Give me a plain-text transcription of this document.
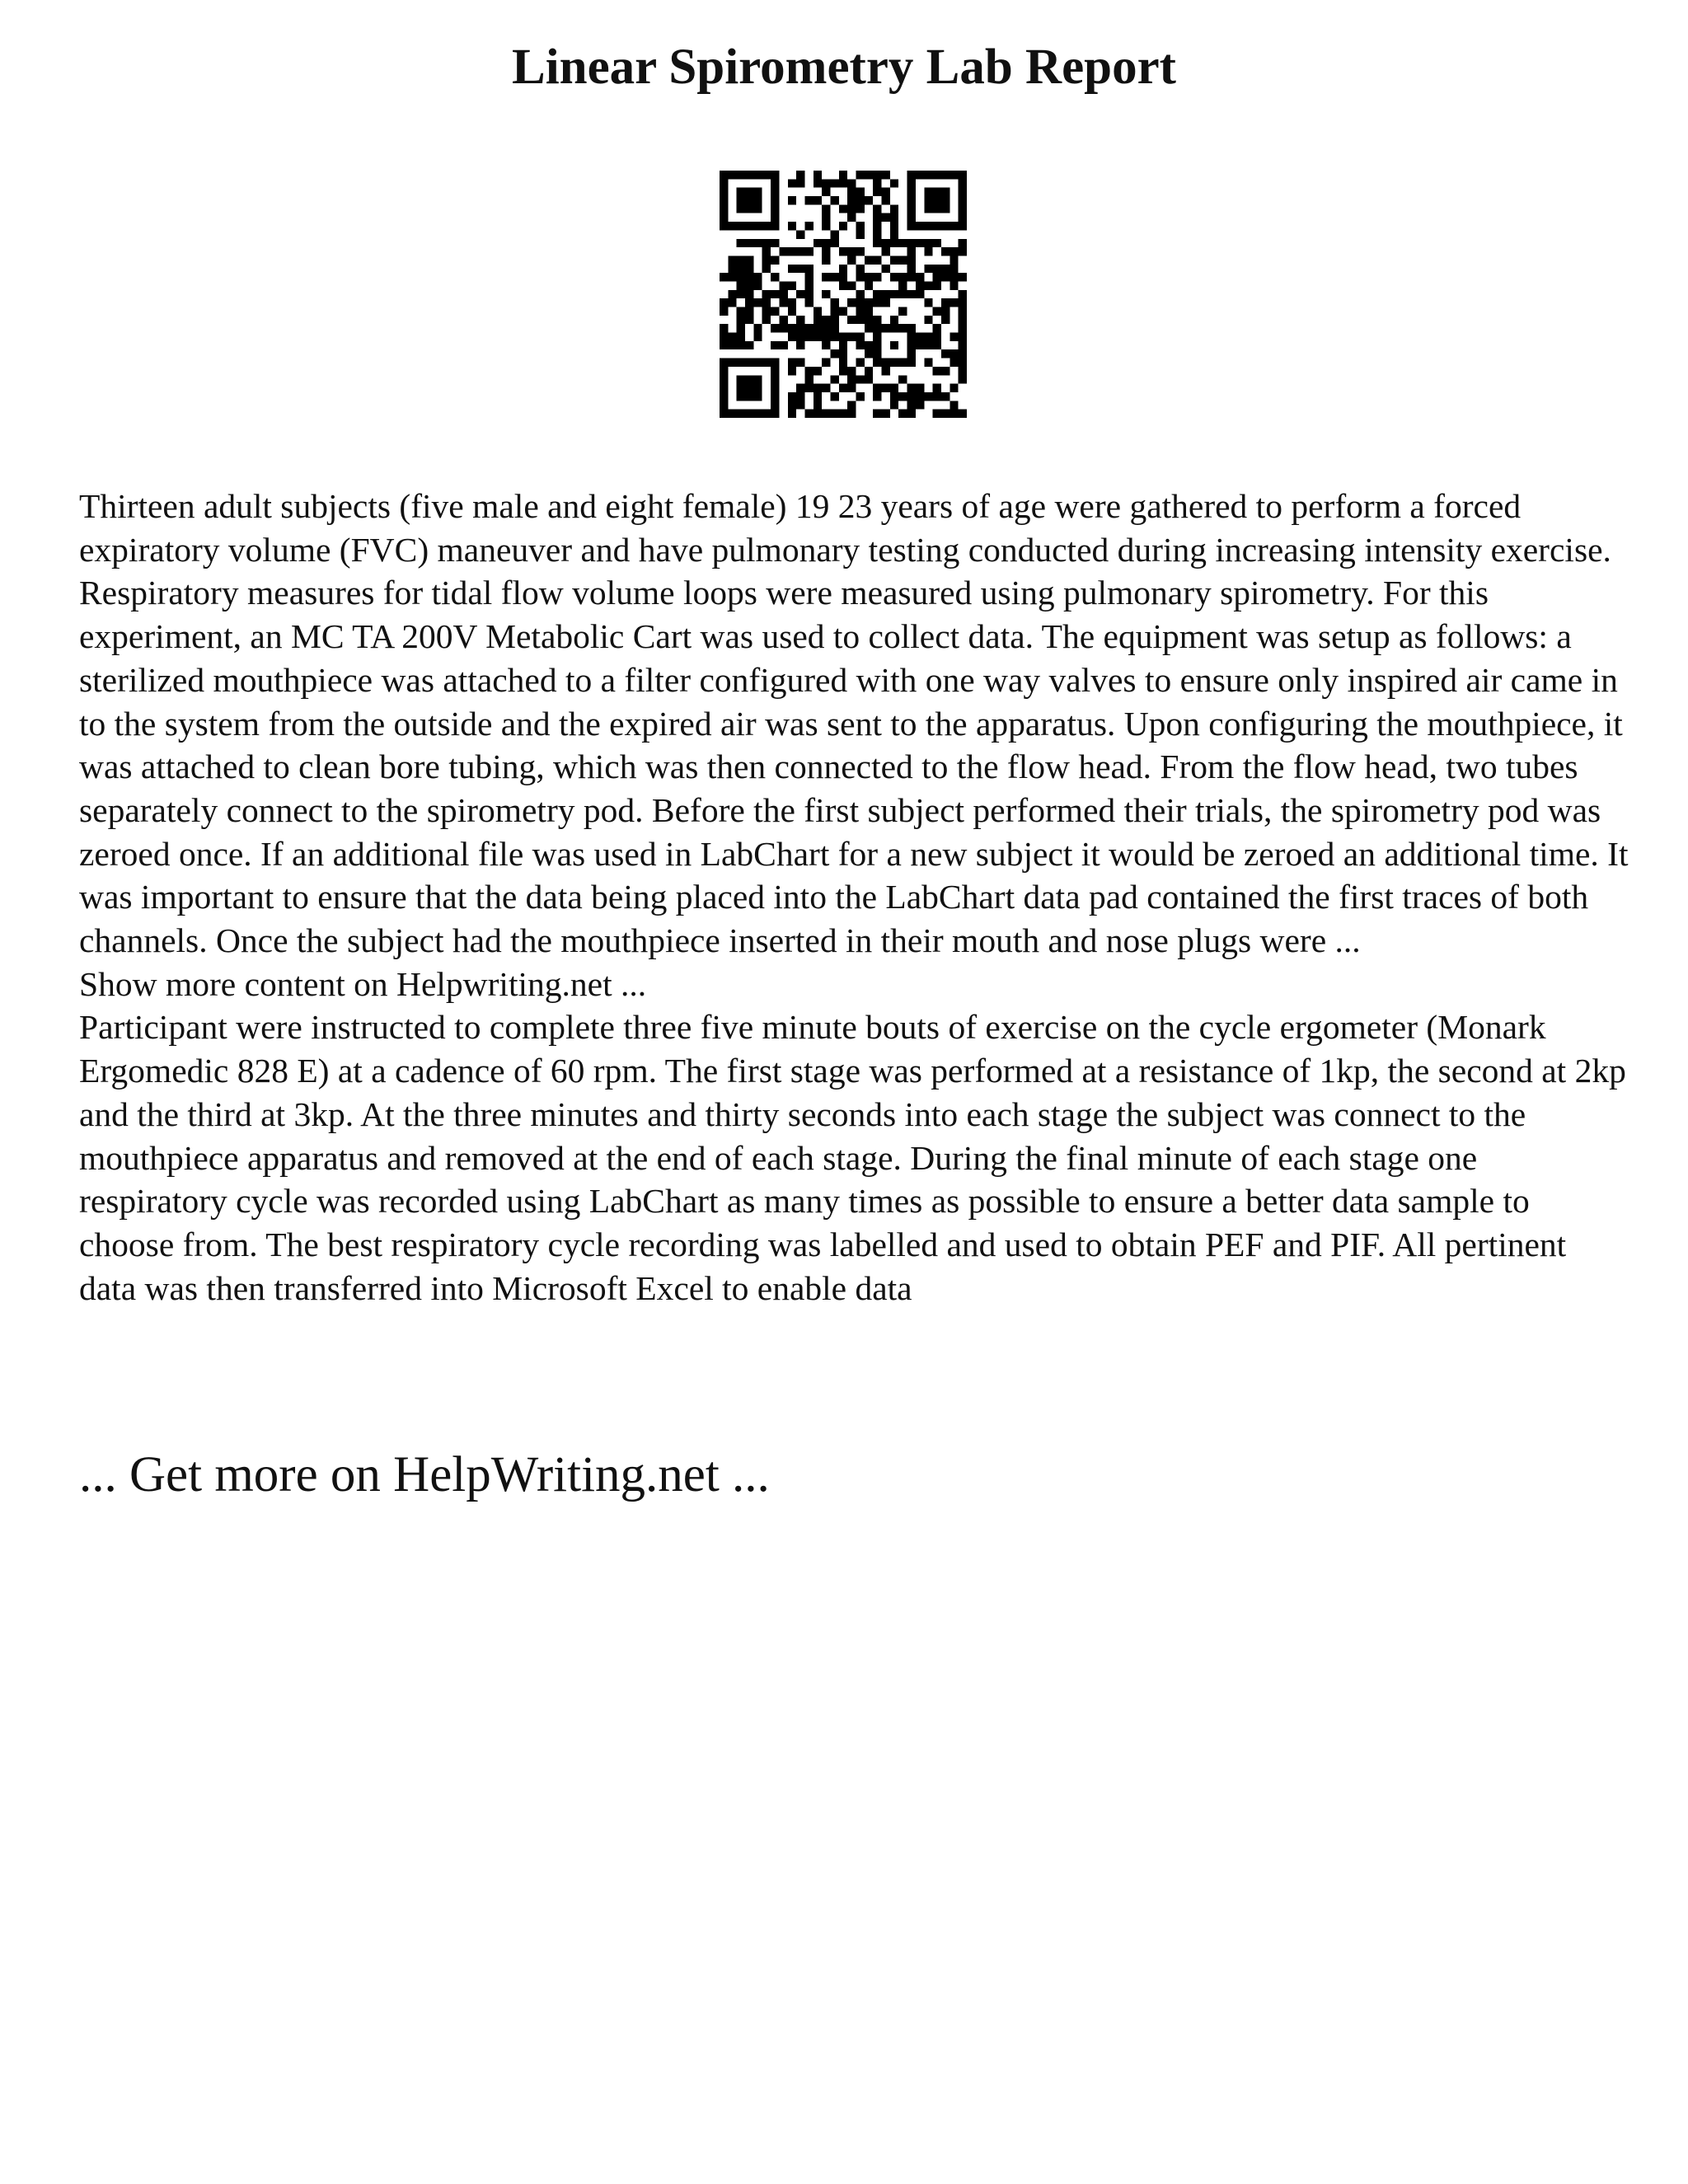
Linear Spirometry Lab Report

Thirteen adult subjects (five male and eight female) 19 23 years of age were gathered to perform a forced expiratory volume (FVC) maneuver and have pulmonary testing conducted during increasing intensity exercise. Respiratory measures for tidal flow volume loops were measured using pulmonary spirometry. For this experiment, an MC TA 200V Metabolic Cart was used to collect data. The equipment was setup as follows: a sterilized mouthpiece was attached to a filter configured with one way valves to ensure only inspired air came in to the system from the outside and the expired air was sent to the apparatus. Upon configuring the mouthpiece, it was attached to clean bore tubing, which was then connected to the flow head. From the flow head, two tubes separately connect to the spirometry pod. Before the first subject performed their trials, the spirometry pod was zeroed once. If an additional file was used in LabChart for a new subject it would be zeroed an additional time. It was important to ensure that the data being placed into the LabChart data pad contained the first traces of both channels. Once the subject had the mouthpiece inserted in their mouth and nose plugs were ...

Show more content on Helpwriting.net ...

Participant were instructed to complete three five minute bouts of exercise on the cycle ergometer (Monark Ergomedic 828 E) at a cadence of 60 rpm. The first stage was performed at a resistance of 1kp, the second at 2kp and the third at 3kp. At the three minutes and thirty seconds into each stage the subject was connect to the mouthpiece apparatus and removed at the end of each stage. During the final minute of each stage one respiratory cycle was recorded using LabChart as many times as possible to ensure a better data sample to choose from. The best respiratory cycle recording was labelled and used to obtain PEF and PIF. All pertinent data was then transferred into Microsoft Excel to enable data

... Get more on HelpWriting.net ...
